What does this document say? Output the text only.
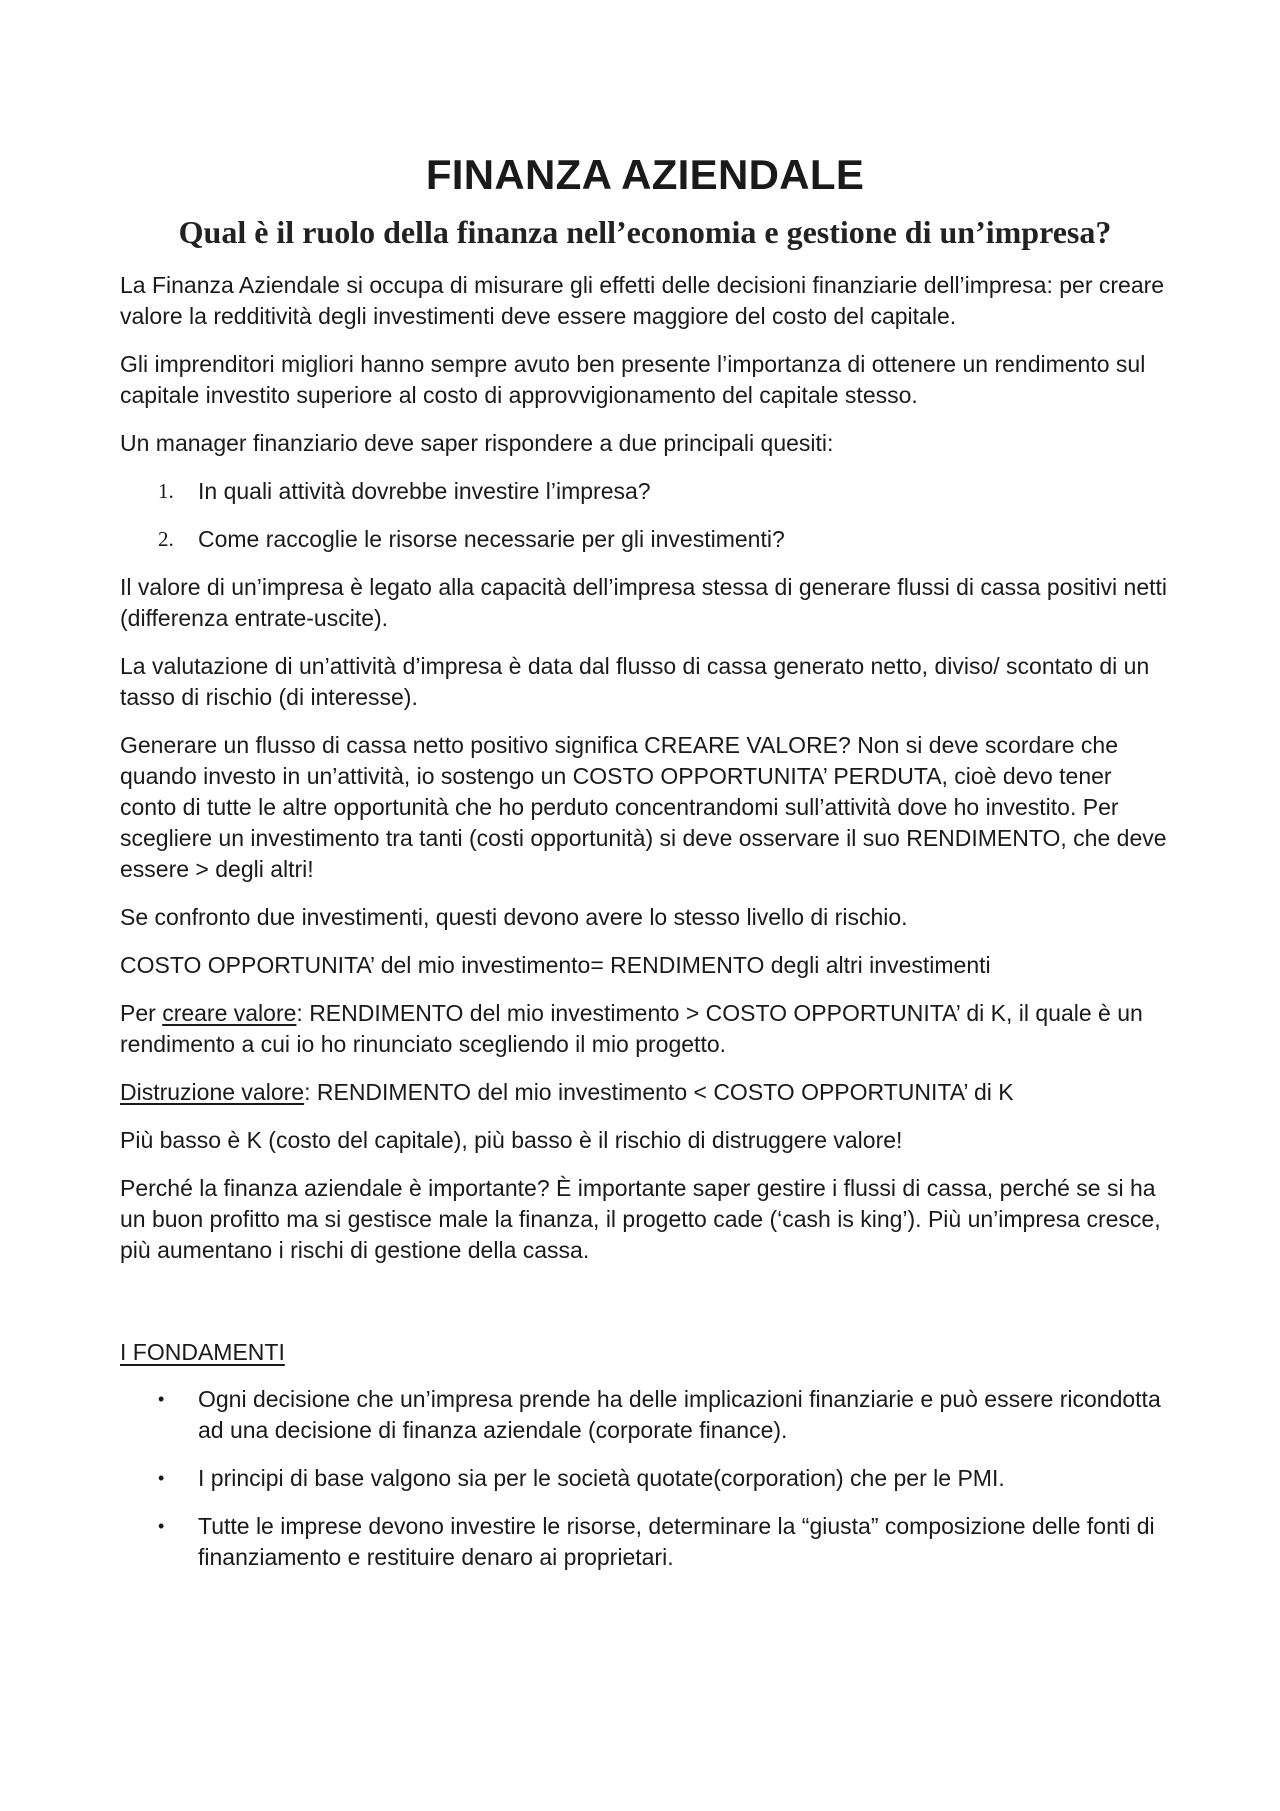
FINANZA AZIENDALE
Qual è il ruolo della finanza nell’economia e gestione di un’impresa?

La Finanza Aziendale si occupa di misurare gli effetti delle decisioni finanziarie dell’impresa: per creare valore la redditività degli investimenti deve essere maggiore del costo del capitale.

Gli imprenditori migliori hanno sempre avuto ben presente l’importanza di ottenere un rendimento sul capitale investito superiore al costo di approvvigionamento del capitale stesso.

Un manager finanziario deve saper rispondere a due principali quesiti:

1. In quali attività dovrebbe investire l’impresa?
2. Come raccoglie le risorse necessarie per gli investimenti?

Il valore di un’impresa è legato alla capacità dell’impresa stessa di generare flussi di cassa positivi netti (differenza entrate-uscite).

La valutazione di un’attività d’impresa è data dal flusso di cassa generato netto, diviso/ scontato di un tasso di rischio (di interesse).

Generare un flusso di cassa netto positivo significa CREARE VALORE? Non si deve scordare che quando investo in un’attività, io sostengo un COSTO OPPORTUNITA’ PERDUTA, cioè devo tener conto di tutte le altre opportunità che ho perduto concentrandomi sull’attività dove ho investito. Per scegliere un investimento tra tanti (costi opportunità) si deve osservare il suo RENDIMENTO, che deve essere > degli altri!

Se confronto due investimenti, questi devono avere lo stesso livello di rischio.

COSTO OPPORTUNITA’ del mio investimento= RENDIMENTO degli altri investimenti

Per creare valore: RENDIMENTO del mio investimento > COSTO OPPORTUNITA’ di K, il quale è un rendimento a cui io ho rinunciato scegliendo il mio progetto.

Distruzione valore: RENDIMENTO del mio investimento < COSTO OPPORTUNITA’ di K

Più basso è K (costo del capitale), più basso è il rischio di distruggere valore!

Perché la finanza aziendale è importante? È importante saper gestire i flussi di cassa, perché se si ha un buon profitto ma si gestisce male la finanza, il progetto cade (‘cash is king’). Più un’impresa cresce, più aumentano i rischi di gestione della cassa.

I FONDAMENTI
• Ogni decisione che un’impresa prende ha delle implicazioni finanziarie e può essere ricondotta ad una decisione di finanza aziendale (corporate finance).
• I principi di base valgono sia per le società quotate(corporation) che per le PMI.
• Tutte le imprese devono investire le risorse, determinare la “giusta” composizione delle fonti di finanziamento e restituire denaro ai proprietari.
